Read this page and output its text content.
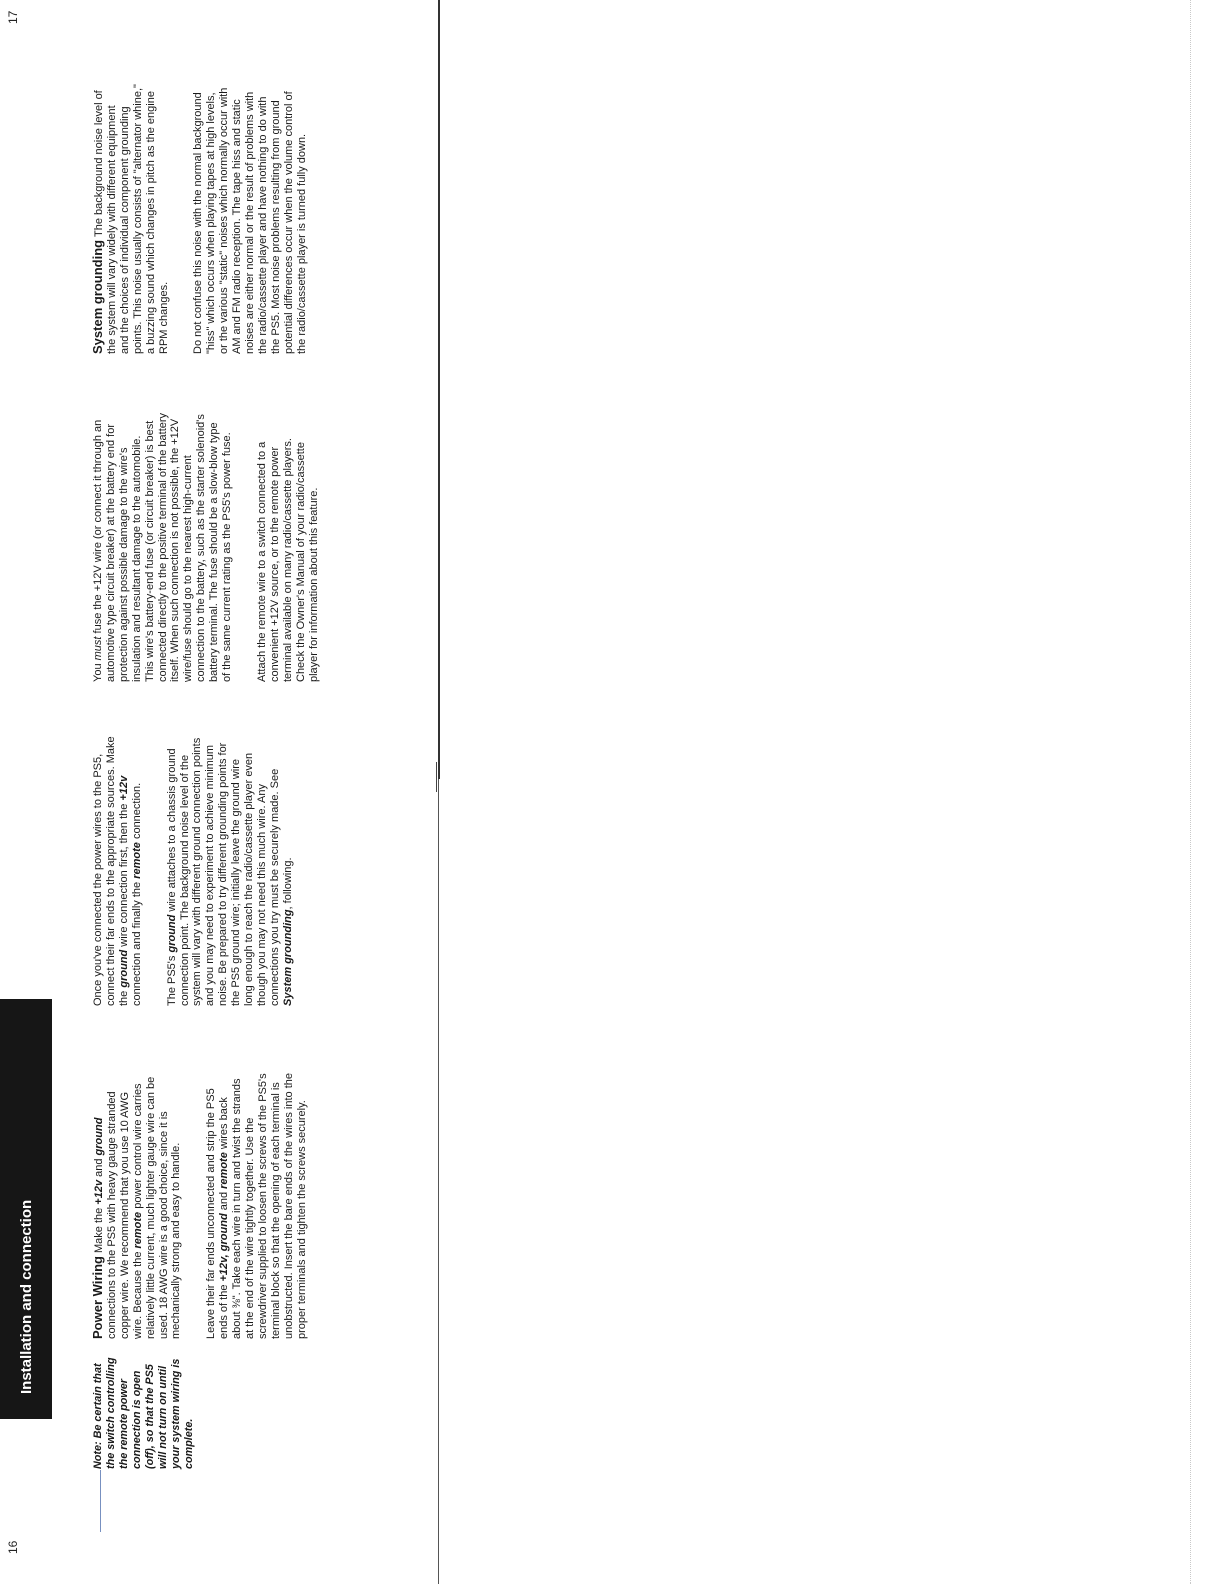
16
Installation and connection
Note: Be certain that the switch controlling the remote power connection is open (off), so that the PS5 will not turn on until your system wiring is complete.

Power Wiring Make the +12v and ground connections to the PS5 with heavy gauge stranded copper wire. We recommend that you use 10 AWG wire. Because the remote power control wire carries relatively little current, much lighter gauge wire can be used. 18 AWG wire is a good choice, since it is mechanically strong and easy to handle. Leave their far ends unconnected and strip the PS5 ends of the +12v, ground and remote wires back about ⅜". Take each wire in turn and twist the strands at the end of the wire tightly together. Use the screwdriver supplied to loosen the screws of the PS5's terminal block so that the opening of each terminal is unobstructed. Insert the bare ends of the wires into the proper terminals and tighten the screws securely.

Once you've connected the power wires to the PS5, connect their far ends to the appropriate sources. Make the ground wire connection first, then the +12v connection and finally the remote connection.

The PS5's ground wire attaches to a chassis ground connection point. The background noise level of the system will vary with different ground connection points and you may need to experiment to achieve minimum noise. Be prepared to try different grounding points for the PS5 ground wire; initially leave the ground wire long enough to reach the radio/cassette player even though you may not need this much wire. Any connections you try must be securely made. See System grounding, following.

You must fuse the +12V wire (or connect it through an automotive type circuit breaker) at the battery end for protection against possible damage to the wire's insulation and resultant damage to the automobile. This wire's battery-end fuse (or circuit breaker) is best connected directly to the positive terminal of the battery itself. When such connection is not possible, the +12V wire/fuse should go to the nearest high-current connection to the battery, such as the starter solenoid's battery terminal. The fuse should be a slow-blow type of the same current rating as the PS5's power fuse. Attach the remote wire to a switch connected to a convenient +12V source, or to the remote power terminal available on many radio/cassette players. Check the Owner's Manual of your radio/cassette player for information about this feature.

System grounding The background noise level of the system will vary widely with different equipment and the choices of individual component grounding points. This noise usually consists of "alternator whine," a buzzing sound which changes in pitch as the engine RPM changes. Do not confuse this noise with the normal background "hiss" which occurs when playing tapes at high levels, or the various "static" noises which normally occur with AM and FM radio reception. The tape hiss and static noises are either normal or the result of problems with the radio/cassette player and have nothing to do with the PS5. Most noise problems resulting from ground potential differences occur when the volume control of the radio/cassette player is turned fully down.

17
